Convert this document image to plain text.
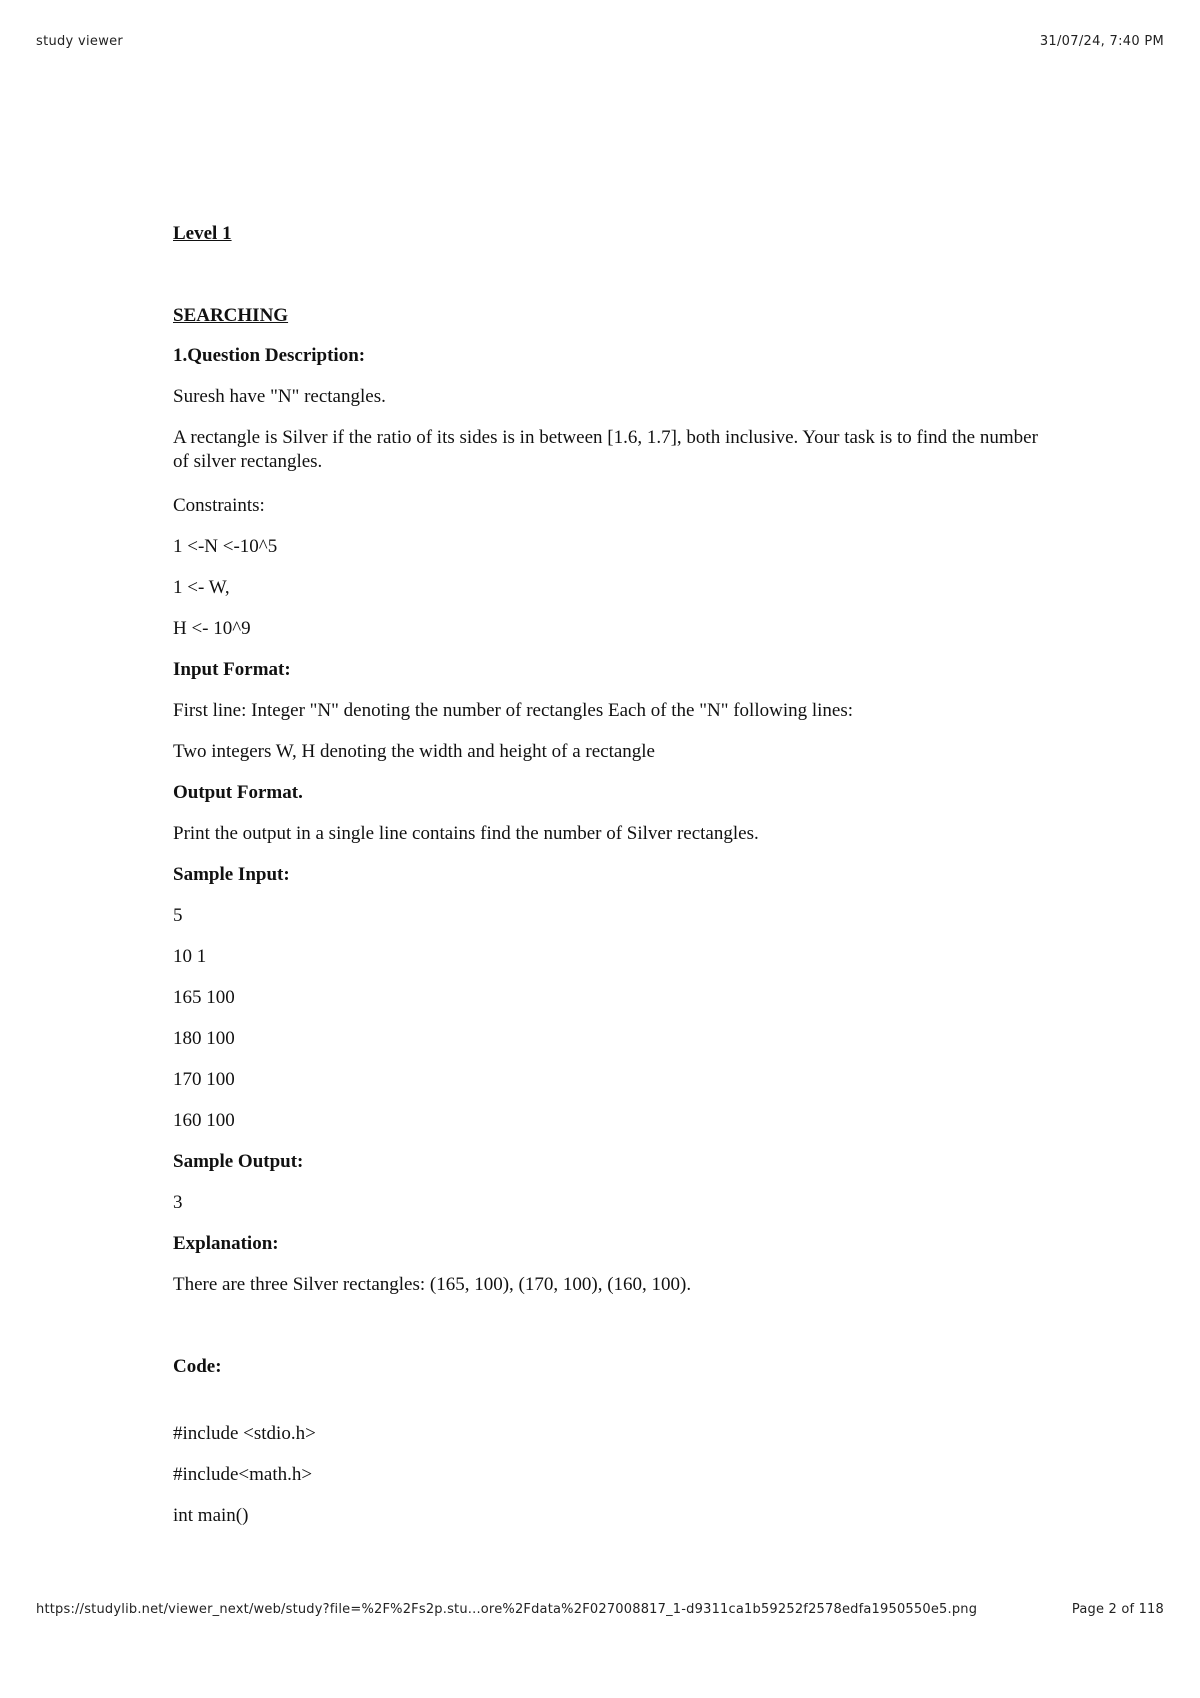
study viewer	31/07/24, 7:40 PM
Level 1
SEARCHING
1.Question Description:
Suresh have "N" rectangles.
A rectangle is Silver if the ratio of its sides is in between [1.6, 1.7], both inclusive. Your task is to find the number of silver rectangles.
Constraints:
1 <-N <-10^5
1 <- W,
H <- 10^9
Input Format:
First line: Integer "N" denoting the number of rectangles Each of the "N" following lines:
Two integers W, H denoting the width and height of a rectangle
Output Format.
Print the output in a single line contains find the number of Silver rectangles.
Sample Input:
5
10 1
165 100
180 100
170 100
160 100
Sample Output:
3
Explanation:
There are three Silver rectangles: (165, 100), (170, 100), (160, 100).
Code:
#include <stdio.h>
#include<math.h>
int main()
https://studylib.net/viewer_next/web/study?file=%2F%2Fs2p.stu...ore%2Fdata%2F027008817_1-d9311ca1b59252f2578edfa1950550e5.png	Page 2 of 118
